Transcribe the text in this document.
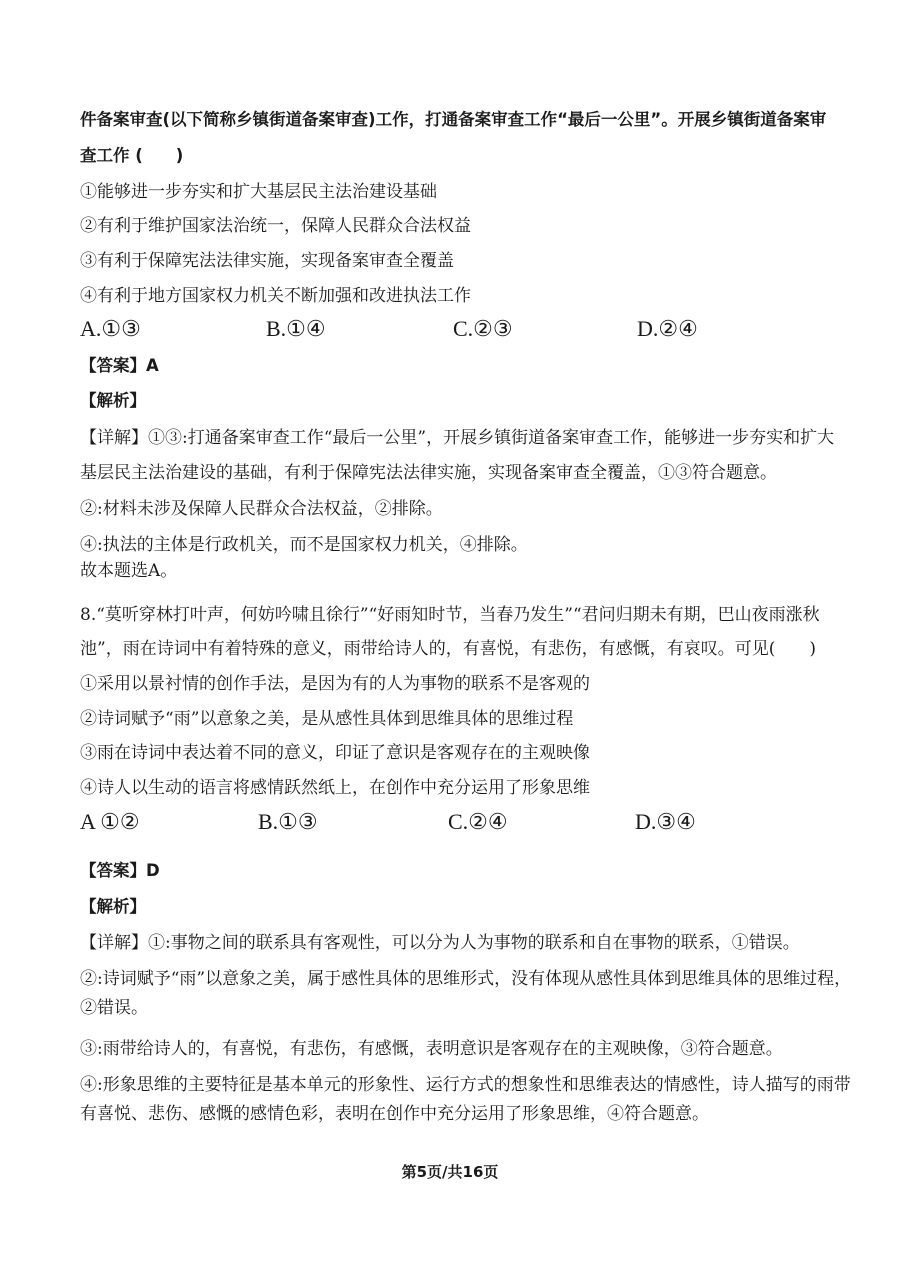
件备案审查(以下简称乡镇街道备案审查)工作，打通备案审查工作“最后一公里”。开展乡镇街道备案审
查工作 (　　)
①能够进一步夯实和扩大基层民主法治建设基础
②有利于维护国家法治统一，保障人民群众合法权益
③有利于保障宪法法律实施，实现备案审查全覆盖
④有利于地方国家权力机关不断加强和改进执法工作
A.①③	B.①④	C.②③	D.②④
【答案】A
【解析】
【详解】①③:打通备案审查工作“最后一公里”，开展乡镇街道备案审查工作，能够进一步夯实和扩大
基层民主法治建设的基础，有利于保障宪法法律实施，实现备案审查全覆盖，①③符合题意。
②:材料未涉及保障人民群众合法权益，②排除。
④:执法的主体是行政机关，而不是国家权力机关，④排除。
故本题选A。
8.“莫听穿林打叶声，何妨吟啸且徐行”“好雨知时节，当春乃发生”“君问归期未有期，巴山夜雨涨秋
池”，雨在诗词中有着特殊的意义，雨带给诗人的，有喜悦，有悲伤，有感慨，有哀叹。可见(　　)
①采用以景衬情的创作手法，是因为有的人为事物的联系不是客观的
②诗词赋予“雨”以意象之美，是从感性具体到思维具体的思维过程
③雨在诗词中表达着不同的意义，印证了意识是客观存在的主观映像
④诗人以生动的语言将感情跃然纸上，在创作中充分运用了形象思维
A ①②	B.①③	C.②④	D.③④
【答案】D
【解析】
【详解】①:事物之间的联系具有客观性，可以分为人为事物的联系和自在事物的联系，①错误。
②:诗词赋予“雨”以意象之美，属于感性具体的思维形式，没有体现从感性具体到思维具体的思维过程，
②错误。
③:雨带给诗人的，有喜悦，有悲伤，有感慨，表明意识是客观存在的主观映像，③符合题意。
④:形象思维的主要特征是基本单元的形象性、运行方式的想象性和思维表达的情感性，诗人描写的雨带
有喜悦、悲伤、感慨的感情色彩，表明在创作中充分运用了形象思维，④符合题意。
第5页/共16页
